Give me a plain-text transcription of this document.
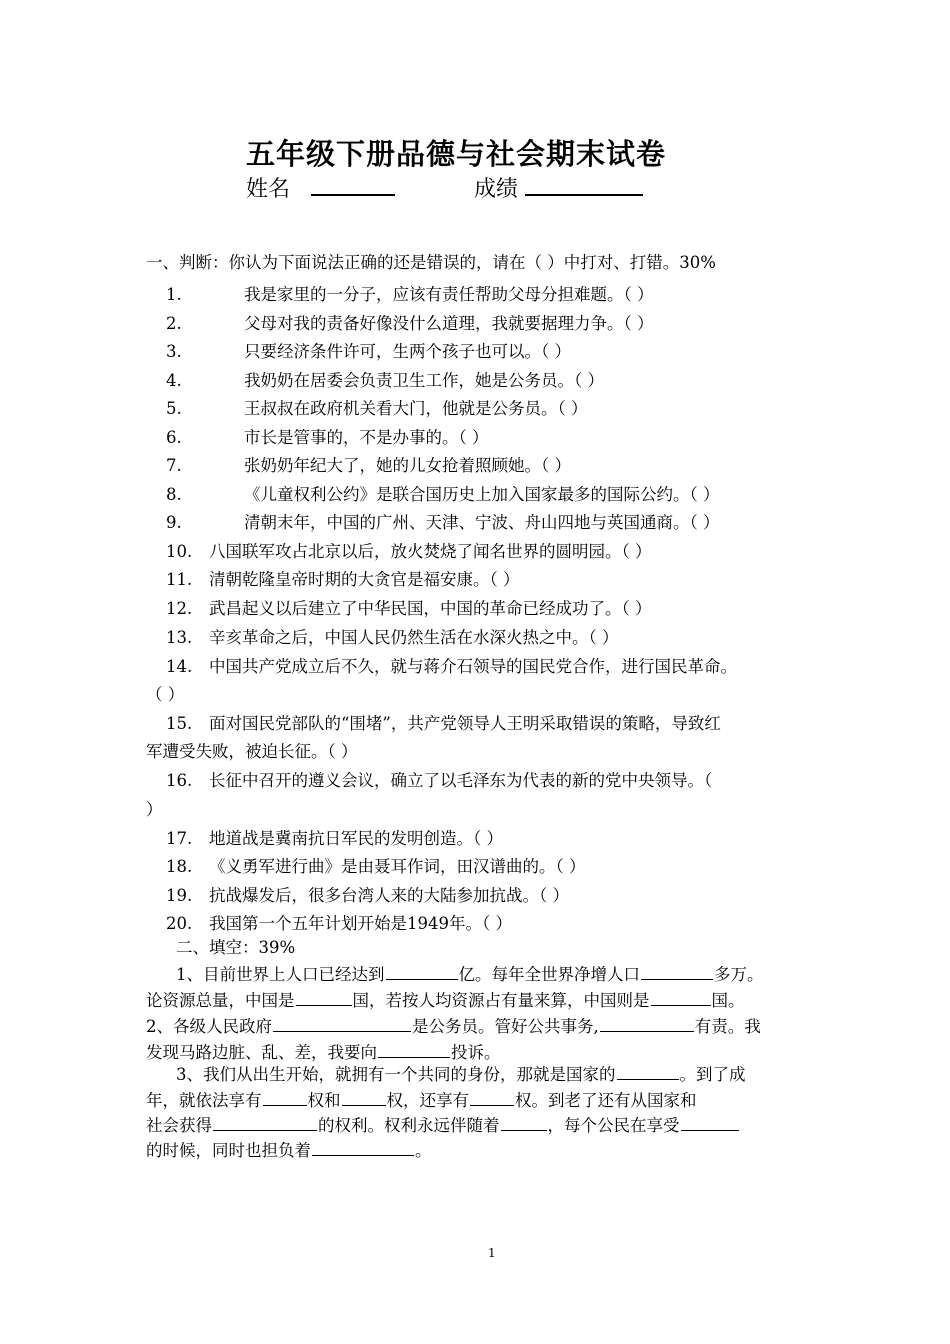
五年级下册品德与社会期末试卷
姓名	成绩
一、判断：你认为下面说法正确的还是错误的，请在（ ）中打对、打错。30%
1.	我是家里的一分子，应该有责任帮助父母分担难题。（ ）
2.	父母对我的责备好像没什么道理，我就要据理力争。（ ）
3.	只要经济条件许可，生两个孩子也可以。（ ）
4.	我奶奶在居委会负责卫生工作，她是公务员。（ ）
5.	王叔叔在政府机关看大门，他就是公务员。（ ）
6.	市长是管事的，不是办事的。（ ）
7.	张奶奶年纪大了，她的儿女抢着照顾她。（ ）
8.	《儿童权利公约》是联合国历史上加入国家最多的国际公约。（ ）
9.	清朝末年，中国的广州、天津、宁波、舟山四地与英国通商。（ ）
10. 八国联军攻占北京以后，放火焚烧了闻名世界的圆明园。（ ）
11. 清朝乾隆皇帝时期的大贪官是福安康。（ ）
12. 武昌起义以后建立了中华民国，中国的革命已经成功了。（ ）
13. 辛亥革命之后，中国人民仍然生活在水深火热之中。（ ）
14. 中国共产党成立后不久，就与蒋介石领导的国民党合作，进行国民革命。
（ ）
15. 面对国民党部队的“围堵”，共产党领导人王明采取错误的策略，导致红
军遭受失败，被迫长征。（ ）
16. 长征中召开的遵义会议，确立了以毛泽东为代表的新的党中央领导。（
）
17. 地道战是冀南抗日军民的发明创造。（ ）
18. 《义勇军进行曲》是由聂耳作词，田汉谱曲的。（ ）
19. 抗战爆发后，很多台湾人来的大陆参加抗战。（ ）
20. 我国第一个五年计划开始是1949年。（ ）
二、填空：39%
1、目前世界上人口已经达到	亿。每年全世界净增人口	多万。
论资源总量，中国是	国，若按人均资源占有量来算，中国则是	国。
2、各级人民政府	是公务员。管好公共事务,	有责。我
发现马路边脏、乱、差，我要向	投诉。
3、我们从出生开始，就拥有一个共同的身份，那就是国家的	。到了成
年，就依法享有	权和	权，还享有	权。到老了还有从国家和
社会获得	的权利。权利永远伴随着	，每个公民在享受
的时候，同时也担负着	。
1
